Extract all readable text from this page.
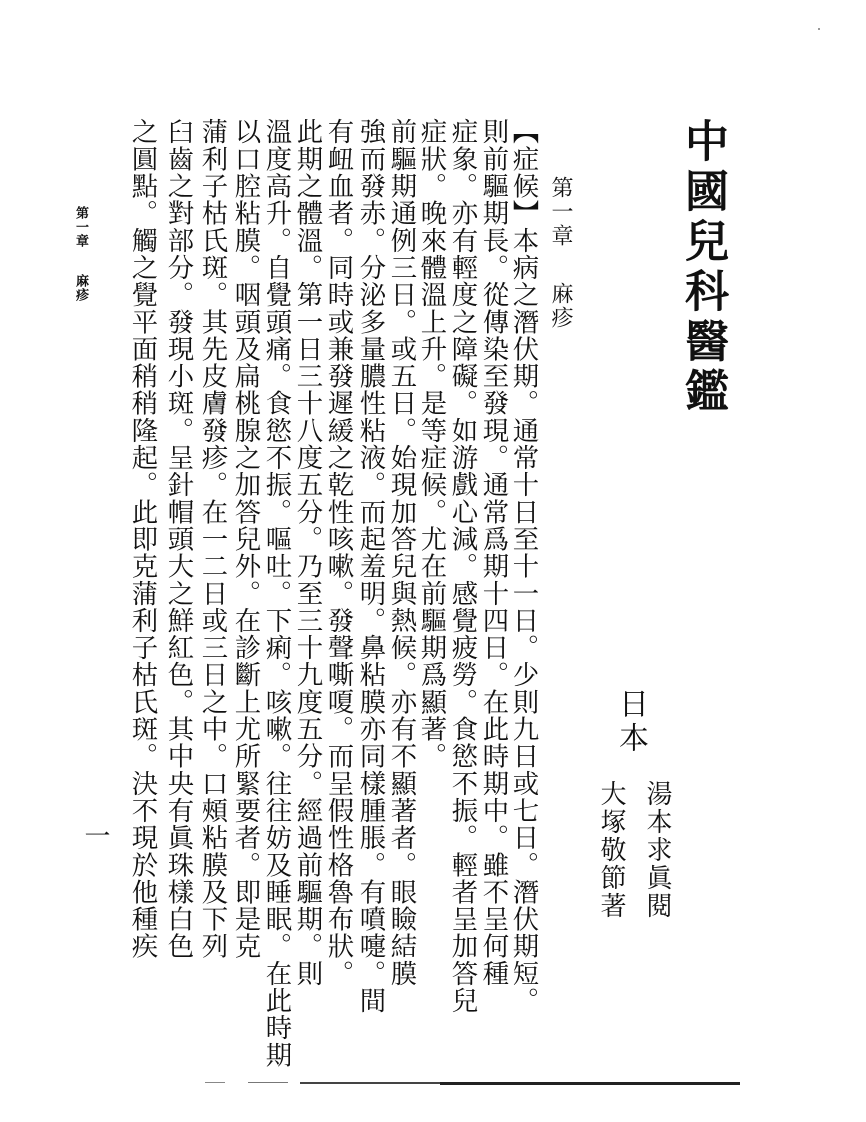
中國兒科醫鑑
日本
湯本求眞閱
大塚敬節著
第一章麻疹
【症候】本病之潛伏期。通常十日至十一日。少則九日或七日。潛伏期短。
則前驅期長。從傳染至發現。通常爲期十四日。在此時期中。雖不呈何種
症象。亦有輕度之障礙。如游戲心減。感覺疲勞。食慾不振。輕者呈加答兒
症狀。晚來體溫上升。是等症候。尤在前驅期爲顯著。
前驅期通例三日。或五日。始現加答兒與熱候。亦有不顯著者。眼瞼結膜
強而發赤。分泌多量膿性粘液。而起羞明。鼻粘膜亦同樣腫脹。有噴嚏。間
有衄血者。同時或兼發遲緩之乾性咳嗽。發聲嘶嗄。而呈假性格魯布狀。
此期之體溫。第一日三十八度五分。乃至三十九度五分。經過前驅期。則
溫度高升。自覺頭痛。食慾不振。嘔吐。下痢。咳嗽。往往妨及睡眠。在此時期
以口腔粘膜。咽頭及扁桃腺之加答兒外。在診斷上尤所緊要者。即是克
蒲利子枯氏斑。其先皮膚發疹。在一二日或三日之中。口頰粘膜及下列
臼齒之對部分。發現小斑。呈針帽頭大之鮮紅色。其中央有眞珠樣白色
之圓點。觸之覺平面稍稍隆起。此即克蒲利子枯氏斑。決不現於他種疾
第一章麻疹
一
